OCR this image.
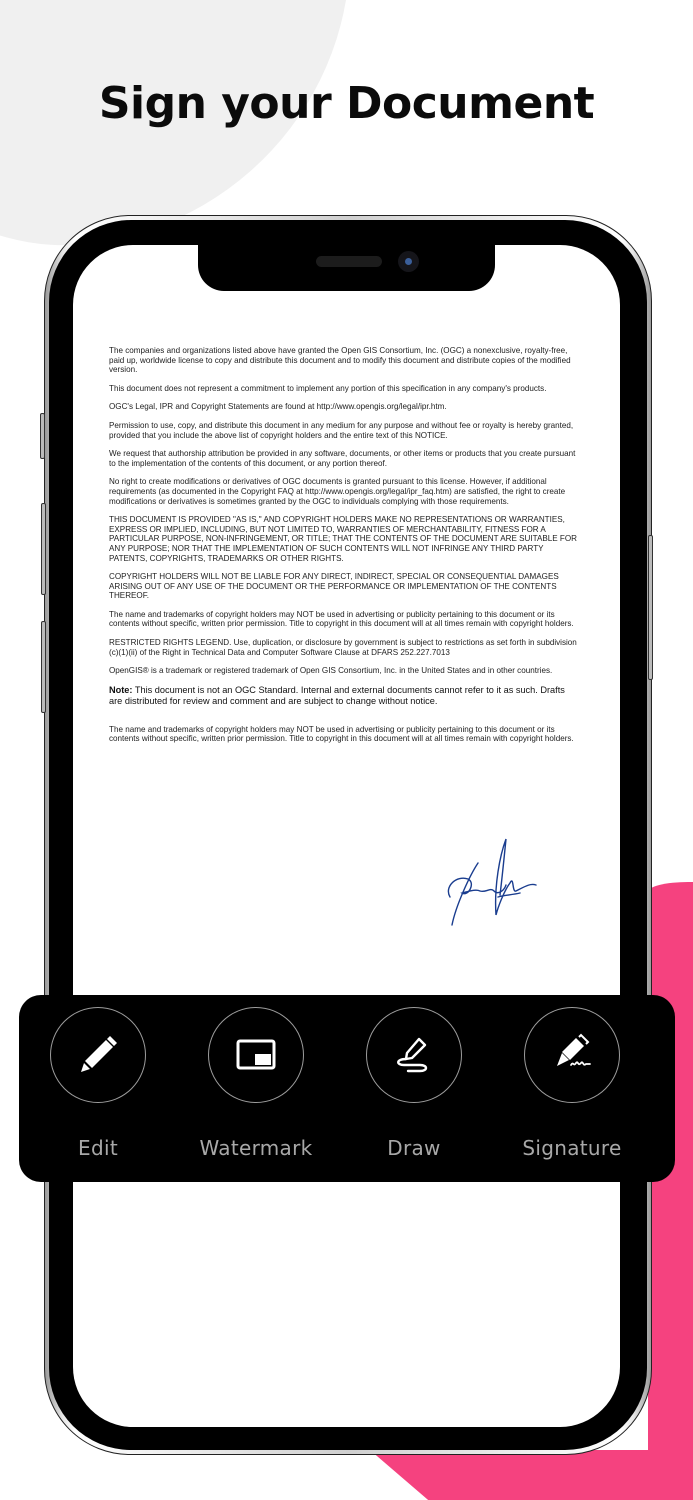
Sign your Document

The companies and organizations listed above have granted the Open GIS Consortium, Inc. (OGC) a nonexclusive, royalty-free, paid up, worldwide license to copy and distribute this document and to modify this document and distribute copies of the modified version.

This document does not represent a commitment to implement any portion of this specification in any company's products.

OGC's Legal, IPR and Copyright Statements are found at http://www.opengis.org/legal/ipr.htm.

Permission to use, copy, and distribute this document in any medium for any purpose and without fee or royalty is hereby granted, provided that you include the above list of copyright holders and the entire text of this NOTICE.

We request that authorship attribution be provided in any software, documents, or other items or products that you create pursuant to the implementation of the contents of this document, or any portion thereof.

No right to create modifications or derivatives of OGC documents is granted pursuant to this license. However, if additional requirements (as documented in the Copyright FAQ at http://www.opengis.org/legal/ipr_faq.htm) are satisfied, the right to create modifications or derivatives is sometimes granted by the OGC to individuals complying with those requirements.

THIS DOCUMENT IS PROVIDED "AS IS," AND COPYRIGHT HOLDERS MAKE NO REPRESENTATIONS OR WARRANTIES, EXPRESS OR IMPLIED, INCLUDING, BUT NOT LIMITED TO, WARRANTIES OF MERCHANTABILITY, FITNESS FOR A PARTICULAR PURPOSE, NON-INFRINGEMENT, OR TITLE; THAT THE CONTENTS OF THE DOCUMENT ARE SUITABLE FOR ANY PURPOSE; NOR THAT THE IMPLEMENTATION OF SUCH CONTENTS WILL NOT INFRINGE ANY THIRD PARTY PATENTS, COPYRIGHTS, TRADEMARKS OR OTHER RIGHTS.

COPYRIGHT HOLDERS WILL NOT BE LIABLE FOR ANY DIRECT, INDIRECT, SPECIAL OR CONSEQUENTIAL DAMAGES ARISING OUT OF ANY USE OF THE DOCUMENT OR THE PERFORMANCE OR IMPLEMENTATION OF THE CONTENTS THEREOF.

The name and trademarks of copyright holders may NOT be used in advertising or publicity pertaining to this document or its contents without specific, written prior permission. Title to copyright in this document will at all times remain with copyright holders.

RESTRICTED RIGHTS LEGEND. Use, duplication, or disclosure by government is subject to restrictions as set forth in subdivision (c)(1)(ii) of the Right in Technical Data and Computer Software Clause at DFARS 252.227.7013

OpenGIS® is a trademark or registered trademark of Open GIS Consortium, Inc. in the United States and in other countries.

Note: This document is not an OGC Standard. Internal and external documents cannot refer to it as such. Drafts are distributed for review and comment and are subject to change without notice.

The name and trademarks of copyright holders may NOT be used in advertising or publicity pertaining to this document or its contents without specific, written prior permission. Title to copyright in this document will at all times remain with copyright holders.

Edit	Watermark	Draw	Signature
